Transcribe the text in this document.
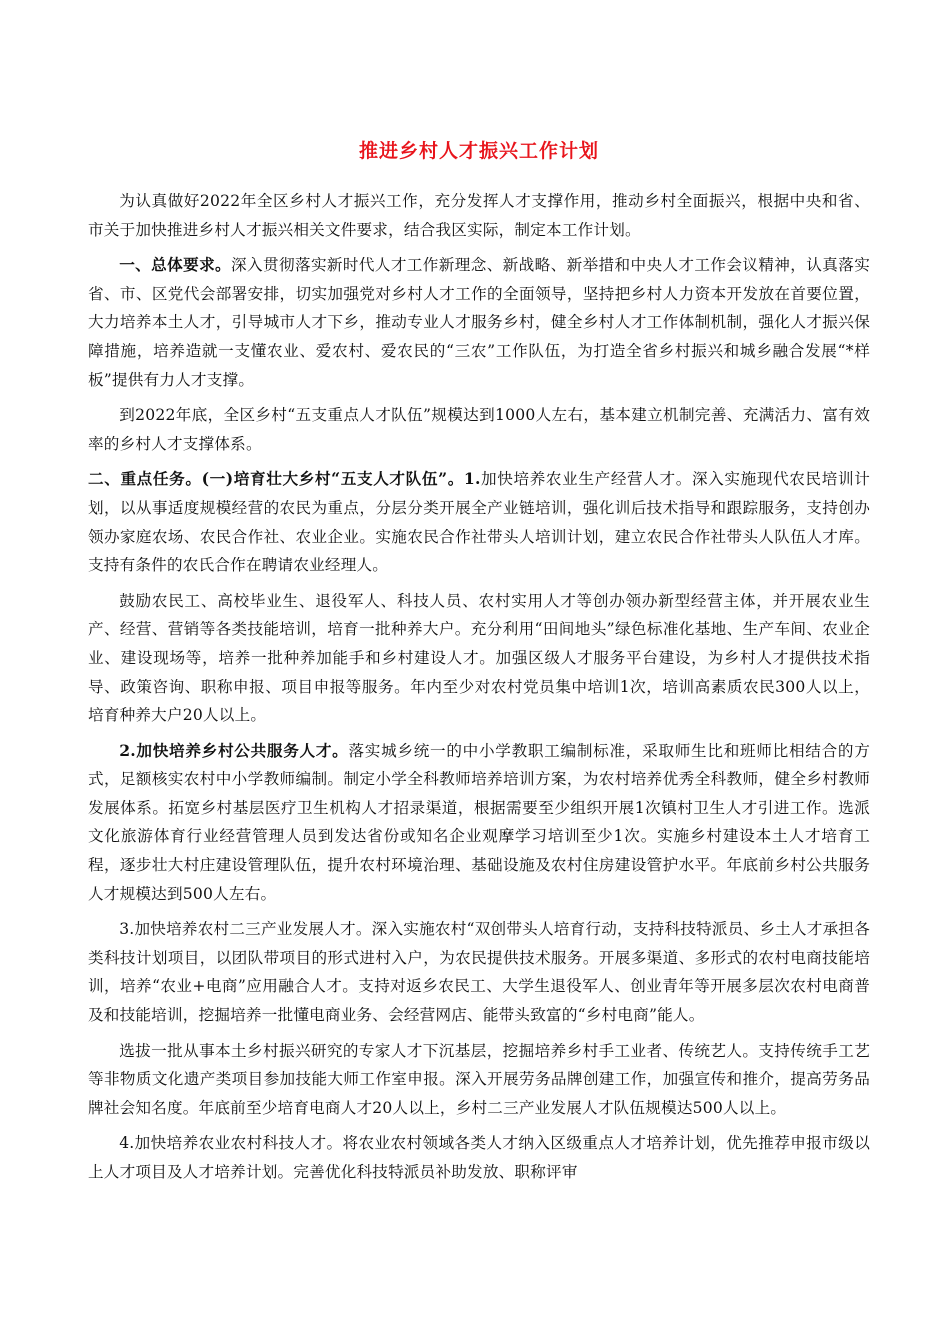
推进乡村人才振兴工作计划

为认真做好2022年全区乡村人才振兴工作，充分发挥人才支撑作用，推动乡村全面振兴，根据中央和省、市关于加快推进乡村人才振兴相关文件要求，结合我区实际，制定本工作计划。

一、总体要求。深入贯彻落实新时代人才工作新理念、新战略、新举措和中央人才工作会议精神，认真落实省、市、区党代会部署安排，切实加强党对乡村人才工作的全面领导，坚持把乡村人力资本开发放在首要位置，大力培养本土人才，引导城市人才下乡，推动专业人才服务乡村，健全乡村人才工作体制机制，强化人才振兴保障措施，培养造就一支懂农业、爱农村、爱农民的“三农”工作队伍，为打造全省乡村振兴和城乡融合发展“*样板”提供有力人才支撑。

到2022年底，全区乡村“五支重点人才队伍”规模达到1000人左右，基本建立机制完善、充满活力、富有效率的乡村人才支撑体系。

二、重点任务。(一)培育壮大乡村“五支人才队伍”。1.加快培养农业生产经营人才。深入实施现代农民培训计划，以从事适度规模经营的农民为重点，分层分类开展全产业链培训，强化训后技术指导和跟踪服务，支持创办领办家庭农场、农民合作社、农业企业。实施农民合作社带头人培训计划，建立农民合作社带头人队伍人才库。支持有条件的农氏合作在聘请农业经理人。

鼓励农民工、高校毕业生、退役军人、科技人员、农村实用人才等创办领办新型经营主体，并开展农业生产、经营、营销等各类技能培训，培育一批种养大户。充分利用“田间地头”绿色标准化基地、生产车间、农业企业、建设现场等，培养一批种养加能手和乡村建设人才。加强区级人才服务平台建设，为乡村人才提供技术指导、政策咨询、职称申报、项目申报等服务。年内至少对农村党员集中培训1次，培训高素质农民300人以上，培育种养大户20人以上。

2.加快培养乡村公共服务人才。落实城乡统一的中小学教职工编制标准，采取师生比和班师比相结合的方式，足额核实农村中小学教师编制。制定小学全科教师培养培训方案，为农村培养优秀全科教师，健全乡村教师发展体系。拓宽乡村基层医疗卫生机构人才招录渠道，根据需要至少组织开展1次镇村卫生人才引进工作。选派文化旅游体育行业经营管理人员到发达省份或知名企业观摩学习培训至少1次。实施乡村建设本土人才培育工程，逐步壮大村庄建设管理队伍，提升农村环境治理、基础设施及农村住房建设管护水平。年底前乡村公共服务人才规模达到500人左右。

3.加快培养农村二三产业发展人才。深入实施农村“双创带头人培育行动，支持科技特派员、乡土人才承担各类科技计划项目，以团队带项目的形式进村入户，为农民提供技术服务。开展多渠道、多形式的农村电商技能培训，培养“农业+电商”应用融合人才。支持对返乡农民工、大学生退役军人、创业青年等开展多层次农村电商普及和技能培训，挖掘培养一批懂电商业务、会经营网店、能带头致富的“乡村电商”能人。

选拔一批从事本土乡村振兴研究的专家人才下沉基层，挖掘培养乡村手工业者、传统艺人。支持传统手工艺等非物质文化遗产类项目参加技能大师工作室申报。深入开展劳务品牌创建工作，加强宣传和推介，提高劳务品牌社会知名度。年底前至少培育电商人才20人以上，乡村二三产业发展人才队伍规模达500人以上。

4.加快培养农业农村科技人才。将农业农村领域各类人才纳入区级重点人才培养计划，优先推荐申报市级以上人才项目及人才培养计划。完善优化科技特派员补助发放、职称评审
